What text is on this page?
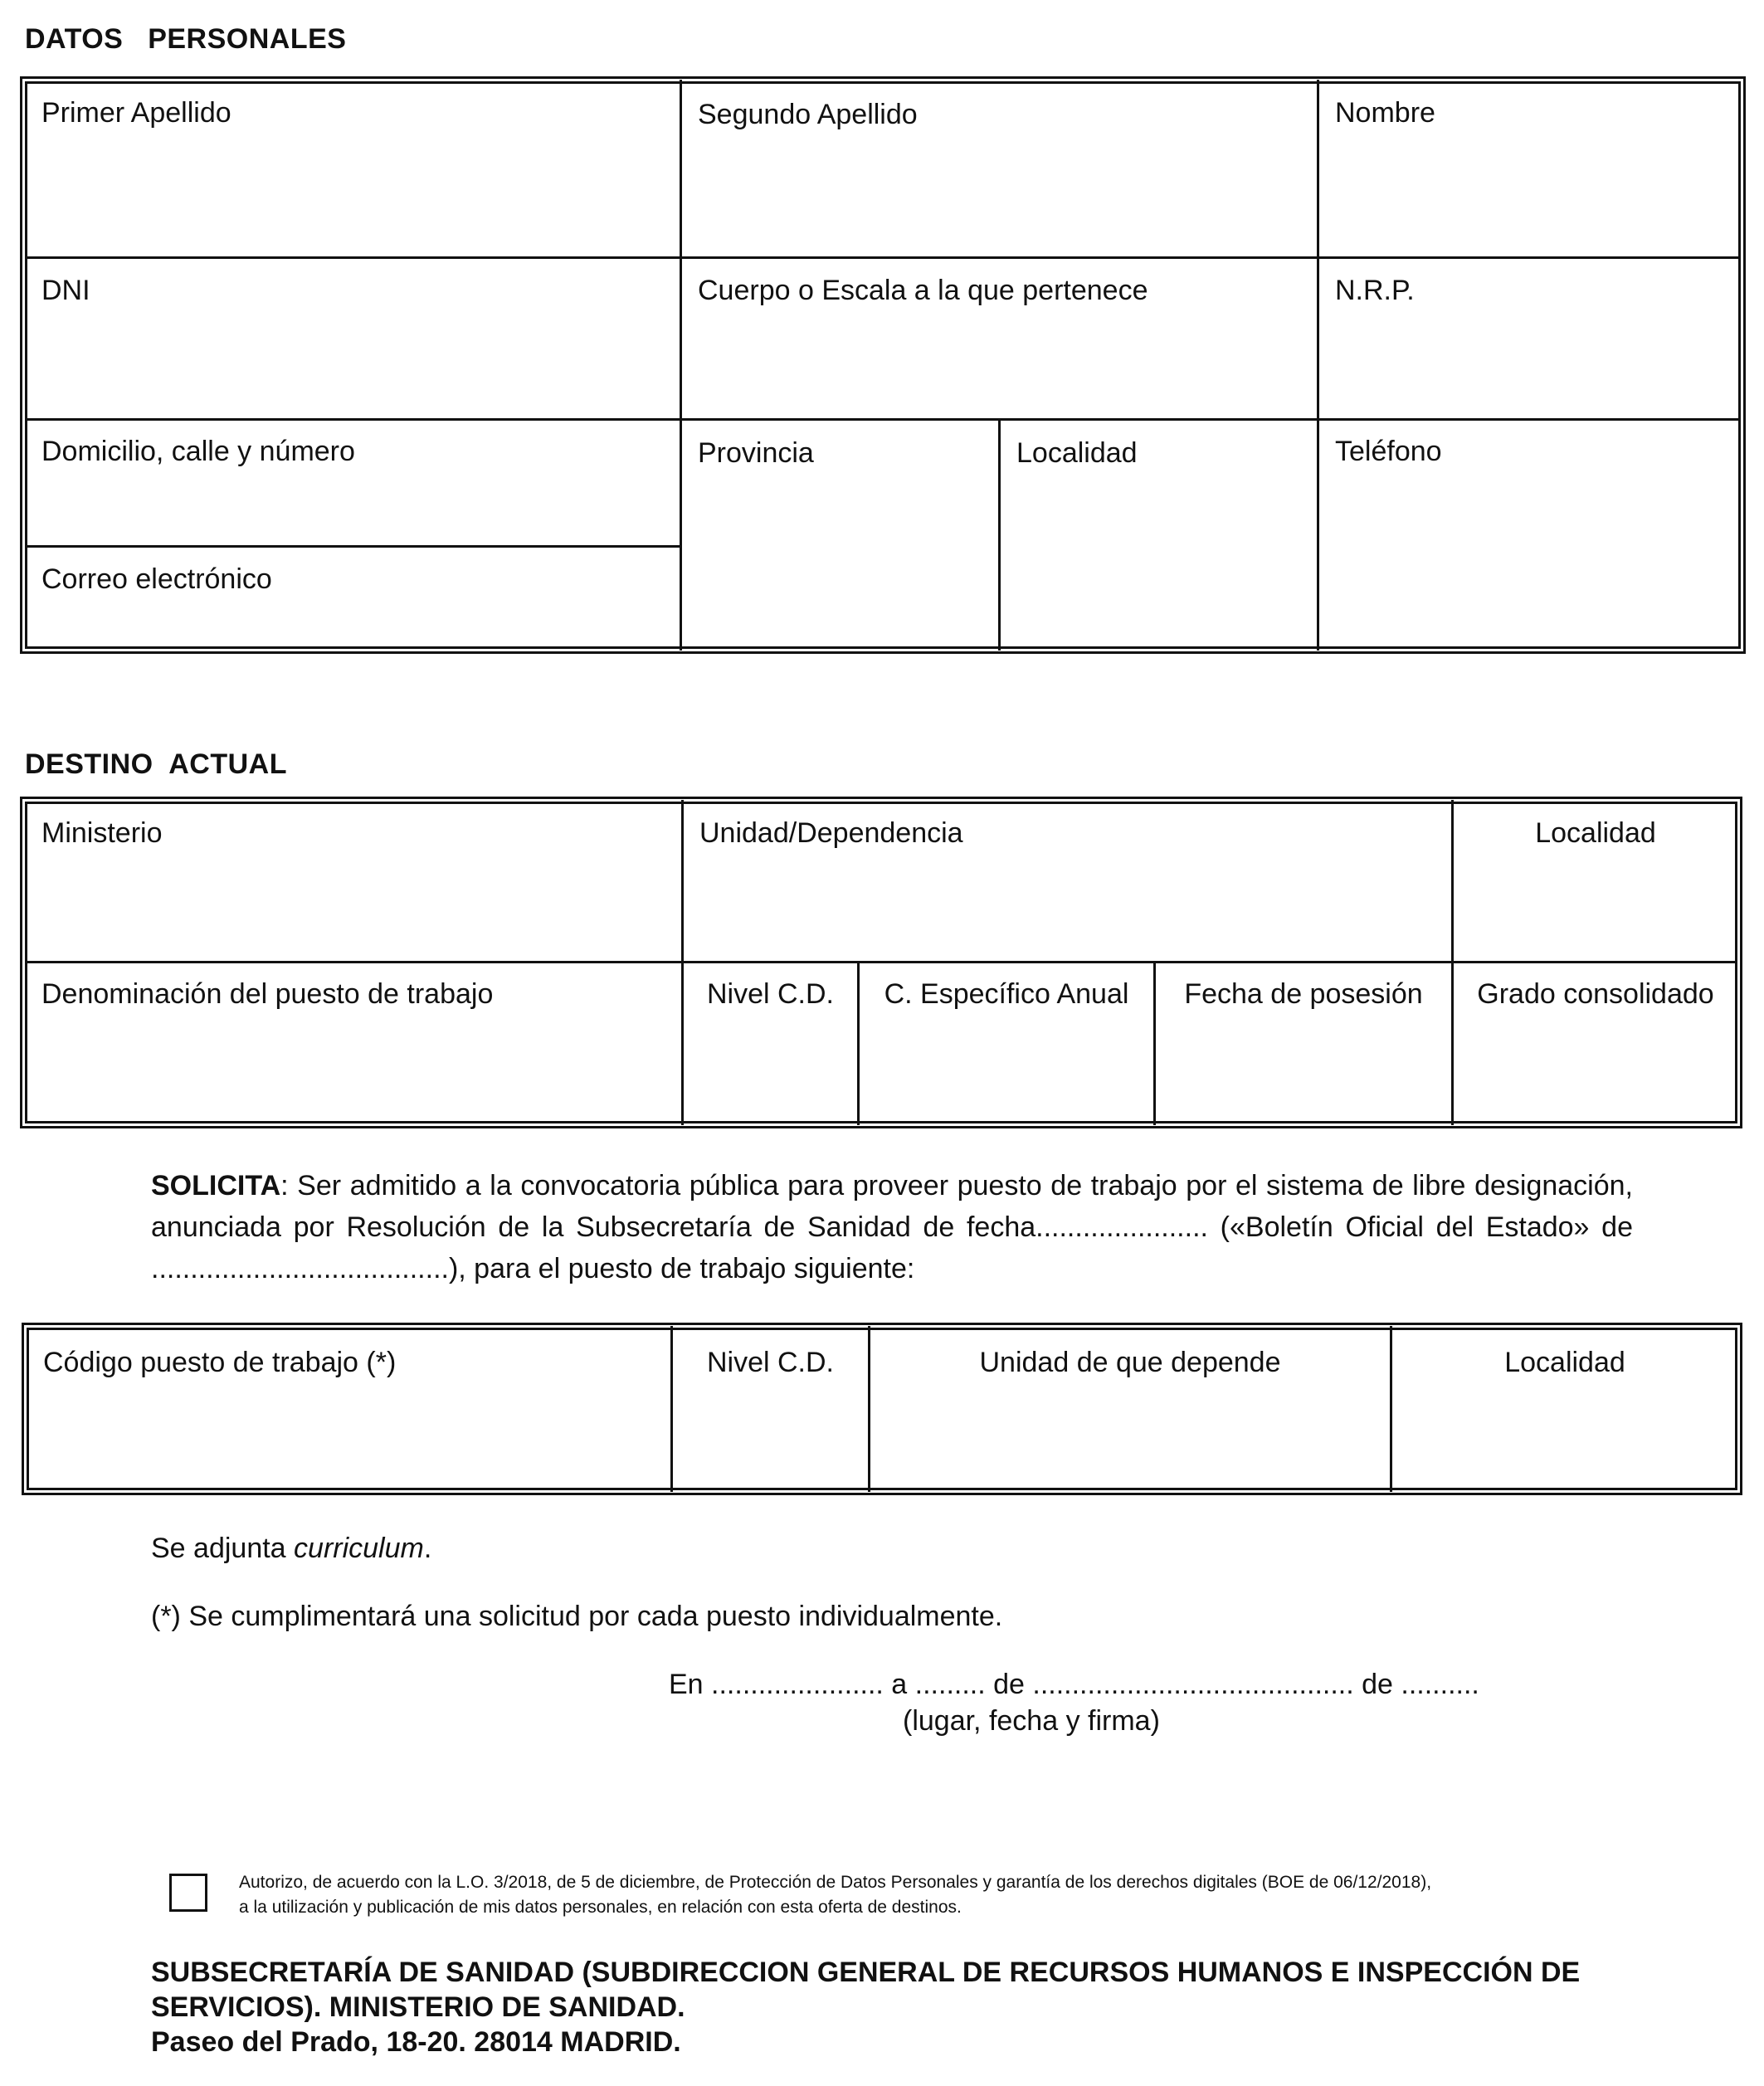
DATOS   PERSONALES
Primer Apellido	Segundo Apellido	Nombre
DNI	Cuerpo o Escala a la que pertenece	N.R.P.
Domicilio, calle y número	Provincia	Localidad	Teléfono
Correo electrónico
DESTINO  ACTUAL
Ministerio	Unidad/Dependencia	Localidad
Denominación del puesto de trabajo	Nivel C.D.	C. Específico Anual	Fecha de posesión	Grado consolidado
SOLICITA: Ser admitido a la convocatoria pública para proveer puesto de trabajo por el sistema de libre designación, anunciada por Resolución de la Subsecretaría de Sanidad de fecha...................... («Boletín Oficial del Estado» de ......................................), para el puesto de trabajo siguiente:
Código puesto de trabajo (*)	Nivel C.D.	Unidad de que depende	Localidad
Se adjunta curriculum.
(*) Se cumplimentará una solicitud por cada puesto individualmente.
En ...................... a ......... de ......................................... de ..........
(lugar, fecha y firma)
Autorizo, de acuerdo con la L.O. 3/2018, de 5 de diciembre, de Protección de Datos Personales y garantía de los derechos digitales (BOE de 06/12/2018),
a la utilización y publicación de mis datos personales, en relación con esta oferta de destinos.
SUBSECRETARÍA DE SANIDAD (SUBDIRECCION GENERAL DE RECURSOS HUMANOS E INSPECCIÓN DE
SERVICIOS). MINISTERIO DE SANIDAD.
Paseo del Prado, 18-20. 28014 MADRID.
